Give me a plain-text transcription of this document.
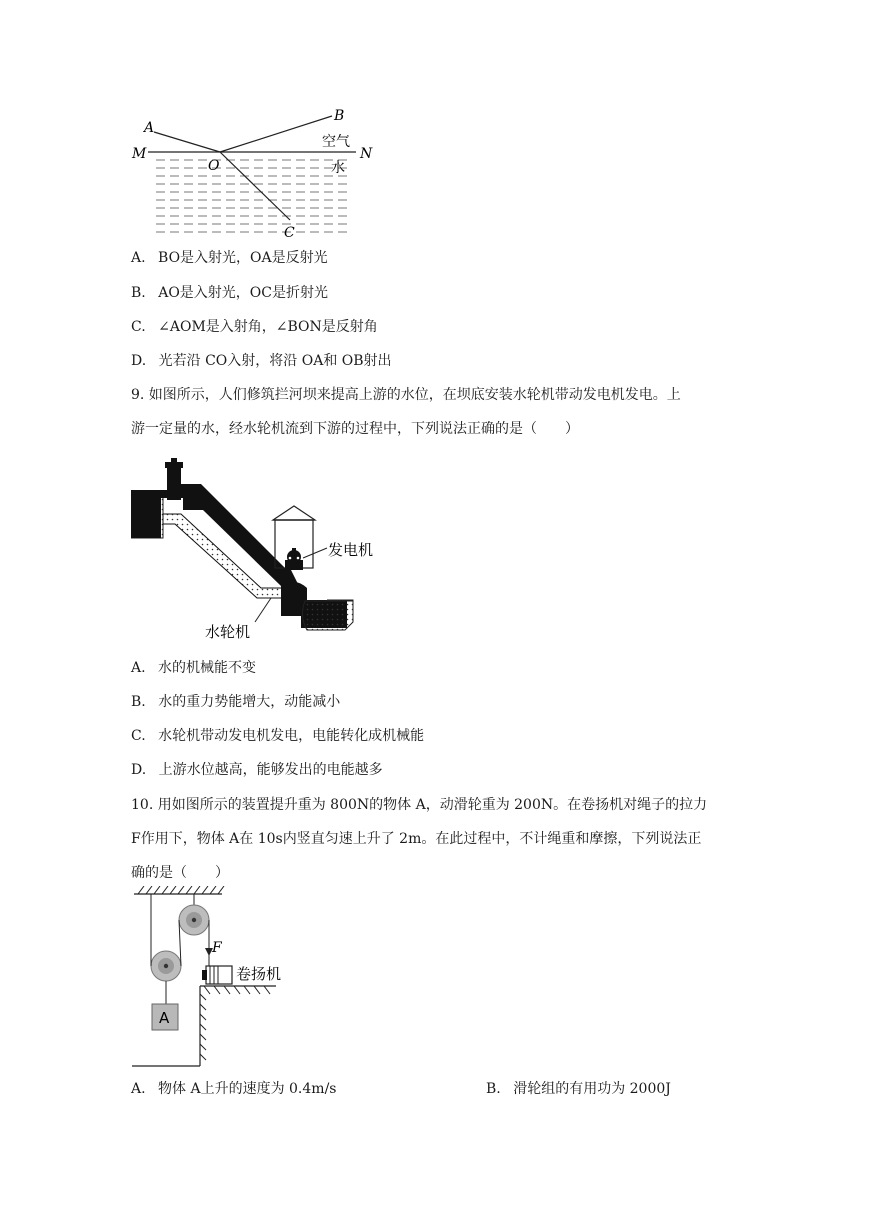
A
B
M	N
O
C
空气
水
A. BO是入射光，OA是反射光
B. AO是入射光，OC是折射光
C. ∠AOM是入射角，∠BON是反射角
D. 光若沿 CO入射，将沿 OA和 OB射出
9. 如图所示，人们修筑拦河坝来提高上游的水位，在坝底安装水轮机带动发电机发电。上
游一定量的水，经水轮机流到下游的过程中，下列说法正确的是（　　）
发电机
水轮机
A. 水的机械能不变
B. 水的重力势能增大，动能减小
C. 水轮机带动发电机发电，电能转化成机械能
D. 上游水位越高，能够发出的电能越多
10. 用如图所示的装置提升重为 800N的物体 A，动滑轮重为 200N。在卷扬机对绳子的拉力
F作用下，物体 A在 10s内竖直匀速上升了 2m。在此过程中，不计绳重和摩擦，下列说法正
确的是（　　）
F
A
卷扬机
A. 物体 A上升的速度为 0.4m/s	B. 滑轮组的有用功为 2000J
